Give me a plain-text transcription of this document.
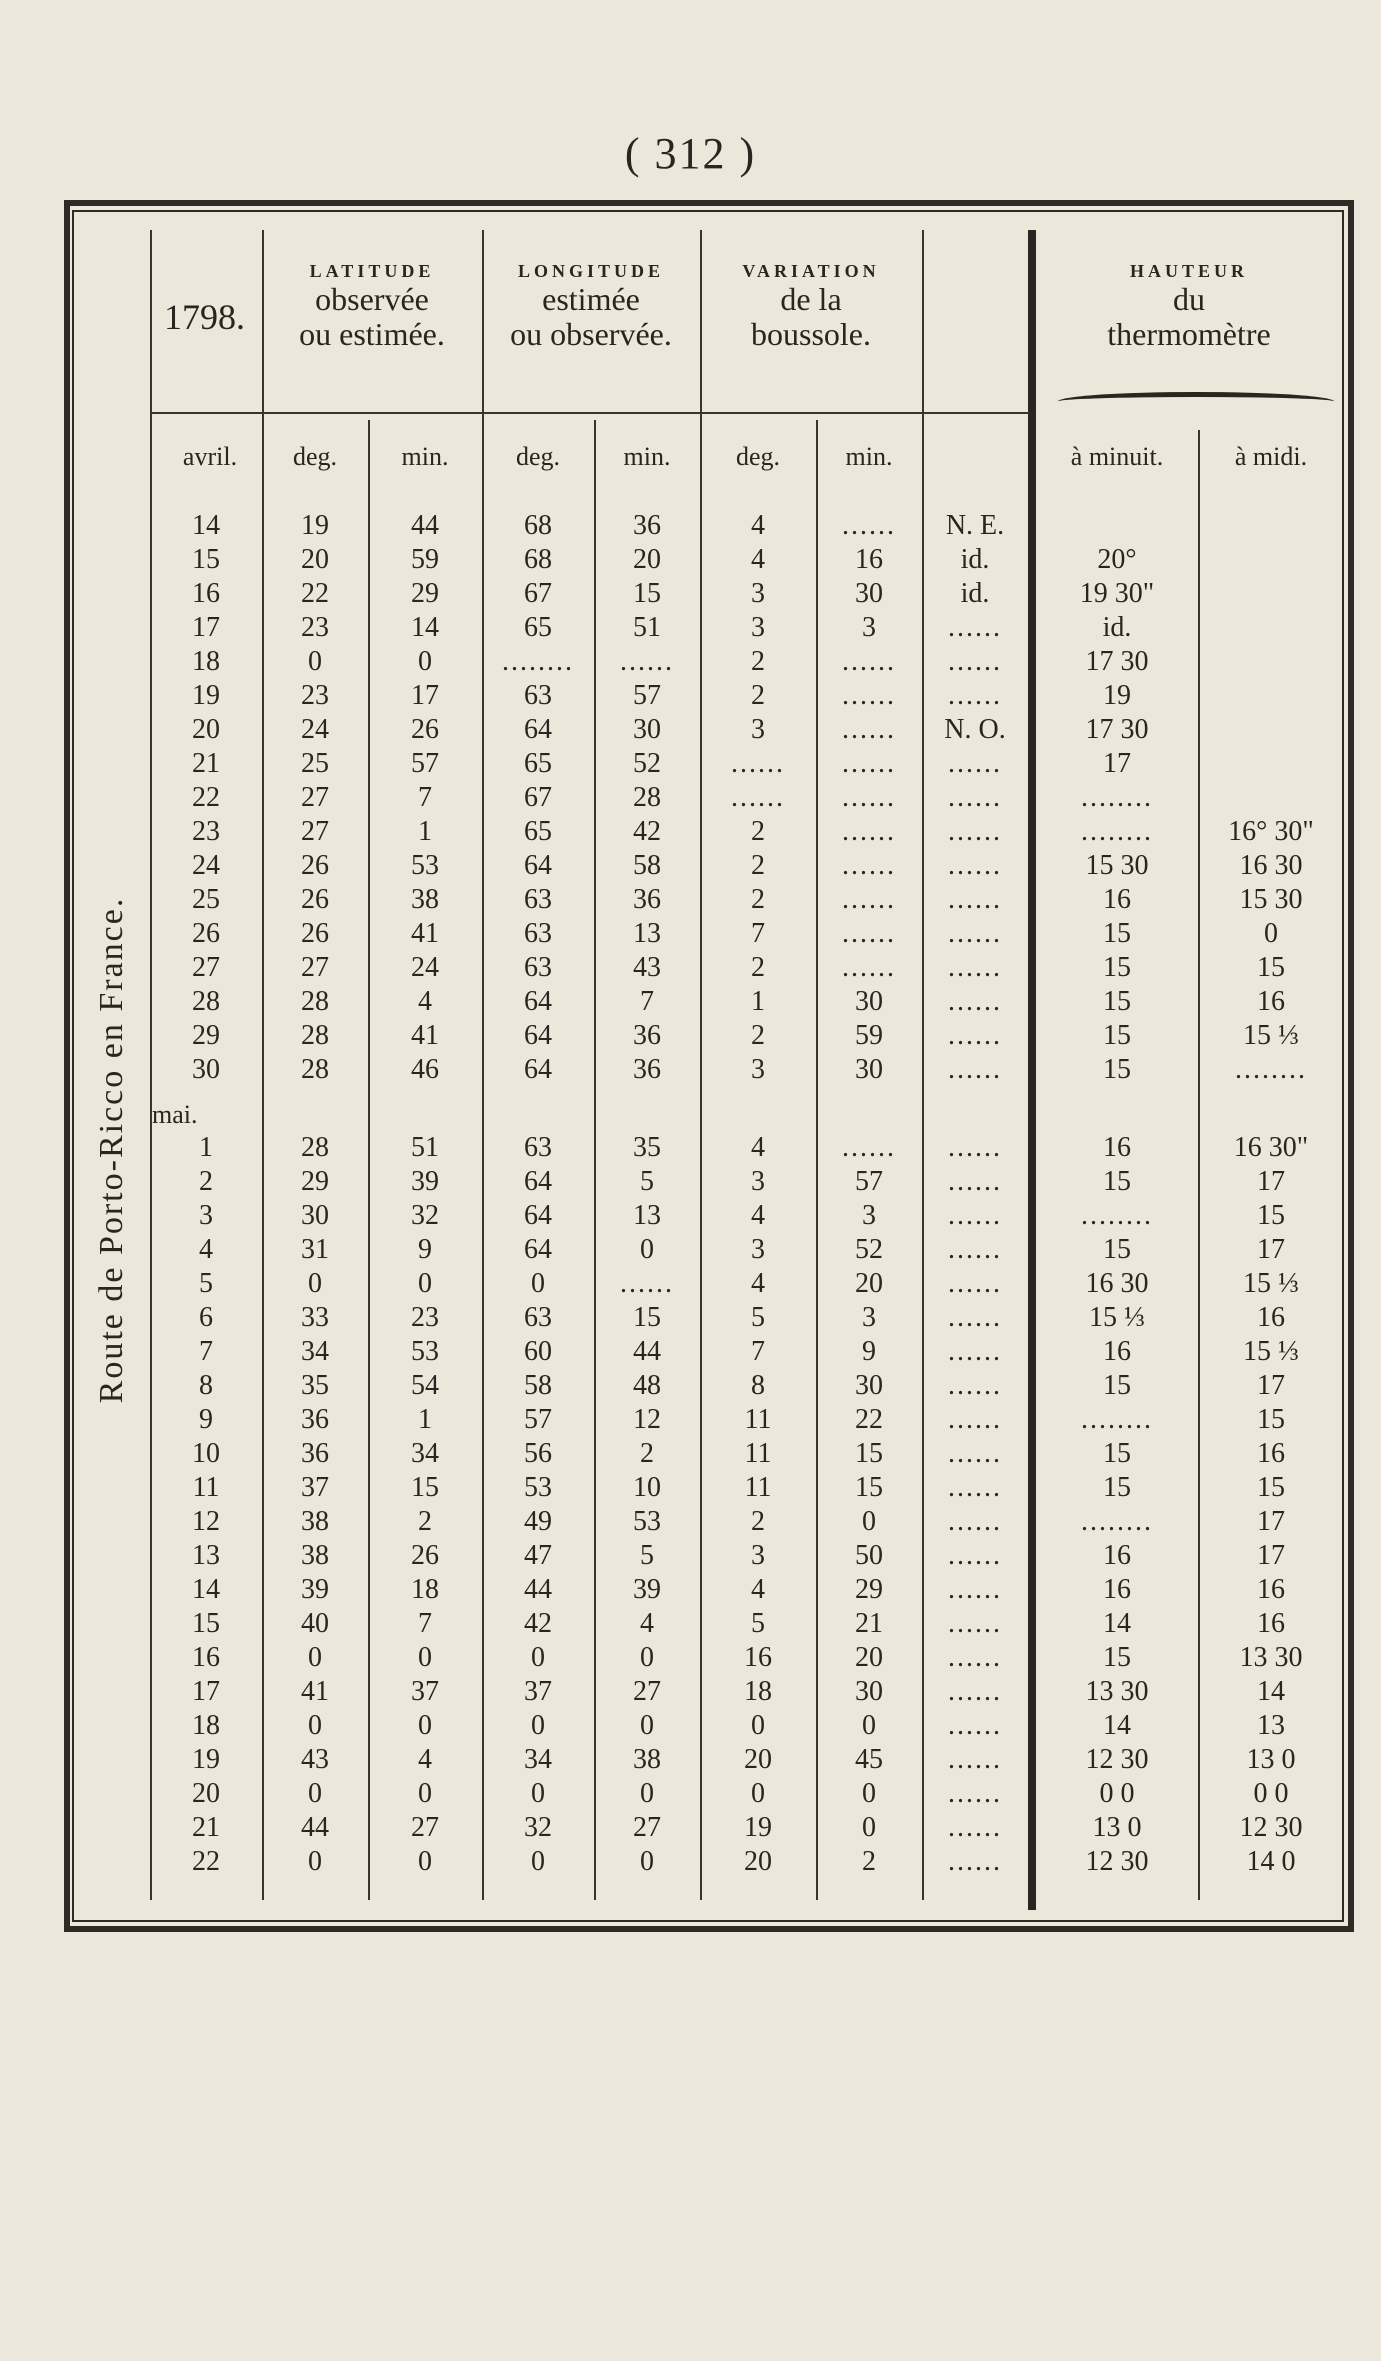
( 312 )
Route de Porto-Ricco en France.
1798.
LATITUDE
observée
ou estimée.
LONGITUDE
estimée
ou observée.
VARIATION
de la
boussole.
HAUTEUR
du
thermomètre
avril.	deg.	min.	deg.	min.	deg.	min.	à minuit.	à midi.
mai.
14	19	44	68	36	4	......	N. E.
15	20	59	68	20	4	16	id.	20°
16	22	29	67	15	3	30	id.	19 30"
17	23	14	65	51	3	3	......	id.
18	0	0	........	......	2	......	......	17 30
19	23	17	63	57	2	......	......	19
20	24	26	64	30	3	......	N. O.	17 30
21	25	57	65	52	......	......	......	17
22	27	7	67	28	......	......	......	........
23	27	1	65	42	2	......	......	........	16° 30"
24	26	53	64	58	2	......	......	15 30	16 30
25	26	38	63	36	2	......	......	16	15 30
26	26	41	63	13	7	......	......	15	0
27	27	24	63	43	2	......	......	15	15
28	28	4	64	7	1	30	......	15	16
29	28	41	64	36	2	59	......	15	15 ⅓
30	28	46	64	36	3	30	......	15	........
1	28	51	63	35	4	......	......	16	16 30"
2	29	39	64	5	3	57	......	15	17
3	30	32	64	13	4	3	......	........	15
4	31	9	64	0	3	52	......	15	17
5	0	0	0	......	4	20	......	16 30	15 ⅓
6	33	23	63	15	5	3	......	15 ⅓	16
7	34	53	60	44	7	9	......	16	15 ⅓
8	35	54	58	48	8	30	......	15	17
9	36	1	57	12	11	22	......	........	15
10	36	34	56	2	11	15	......	15	16
11	37	15	53	10	11	15	......	15	15
12	38	2	49	53	2	0	......	........	17
13	38	26	47	5	3	50	......	16	17
14	39	18	44	39	4	29	......	16	16
15	40	7	42	4	5	21	......	14	16
16	0	0	0	0	16	20	......	15	13 30
17	41	37	37	27	18	30	......	13 30	14
18	0	0	0	0	0	0	......	14	13
19	43	4	34	38	20	45	......	12 30	13 0
20	0	0	0	0	0	0	......	0 0	0 0
21	44	27	32	27	19	0	......	13 0	12 30
22	0	0	0	0	20	2	......	12 30	14 0
